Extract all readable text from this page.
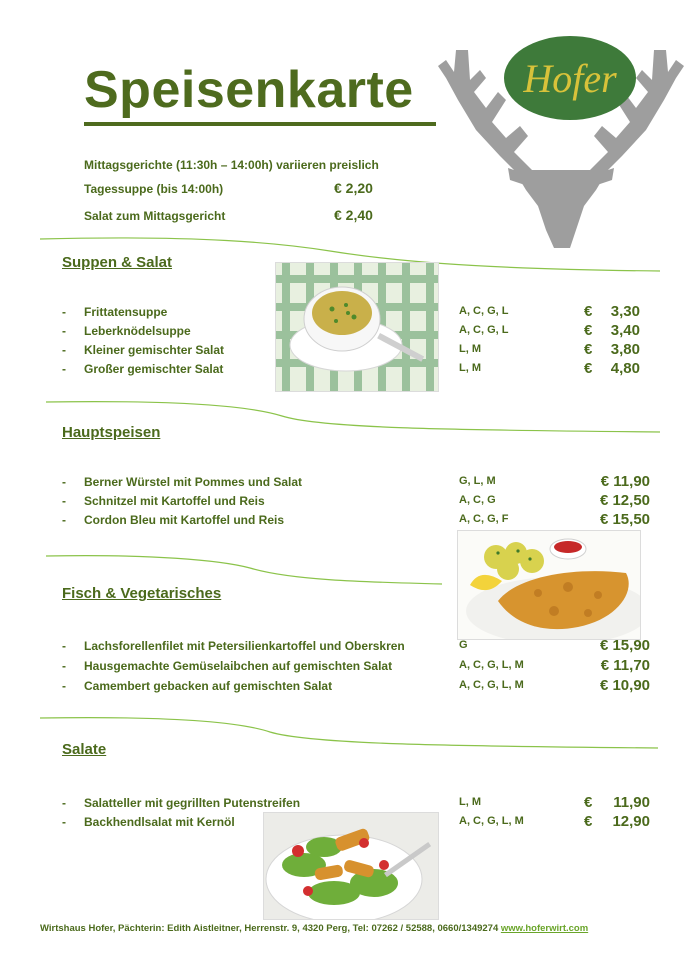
Speisenkarte	Hofer
Mittagsgerichte (11:30h – 14:00h) variieren preislich
Tagessuppe (bis 14:00h)	€ 2,20
Salat zum Mittagsgericht	€ 2,40
Suppen & Salat
- Frittatensuppe	A, C, G, L	€	3,30
- Leberknödelsuppe	A, C, G, L	€	3,40
- Kleiner gemischter Salat	L, M	€	3,80
- Großer gemischter Salat	L, M	€	4,80
Hauptspeisen
- Berner Würstel mit Pommes und Salat	G, L, M	€ 11,90
- Schnitzel mit Kartoffel und Reis	A, C, G	€ 12,50
- Cordon Bleu mit Kartoffel und Reis	A, C, G, F	€ 15,50
Fisch & Vegetarisches
- Lachsforellenfilet mit Petersilienkartoffel und Oberskren	G	€ 15,90
- Hausgemachte Gemüselaibchen auf gemischten Salat	A, C, G, L, M	€ 11,70
- Camembert gebacken auf gemischten Salat	A, C, G, L, M	€ 10,90
Salate
- Salatteller mit gegrillten Putenstreifen	L, M	€	11,90
- Backhendlsalat mit Kernöl	A, C, G, L, M	€	12,90
Wirtshaus Hofer, Pächterin: Edith Aistleitner, Herrenstr. 9, 4320 Perg, Tel: 07262 / 52588, 0660/1349274 www.hoferwirt.com
